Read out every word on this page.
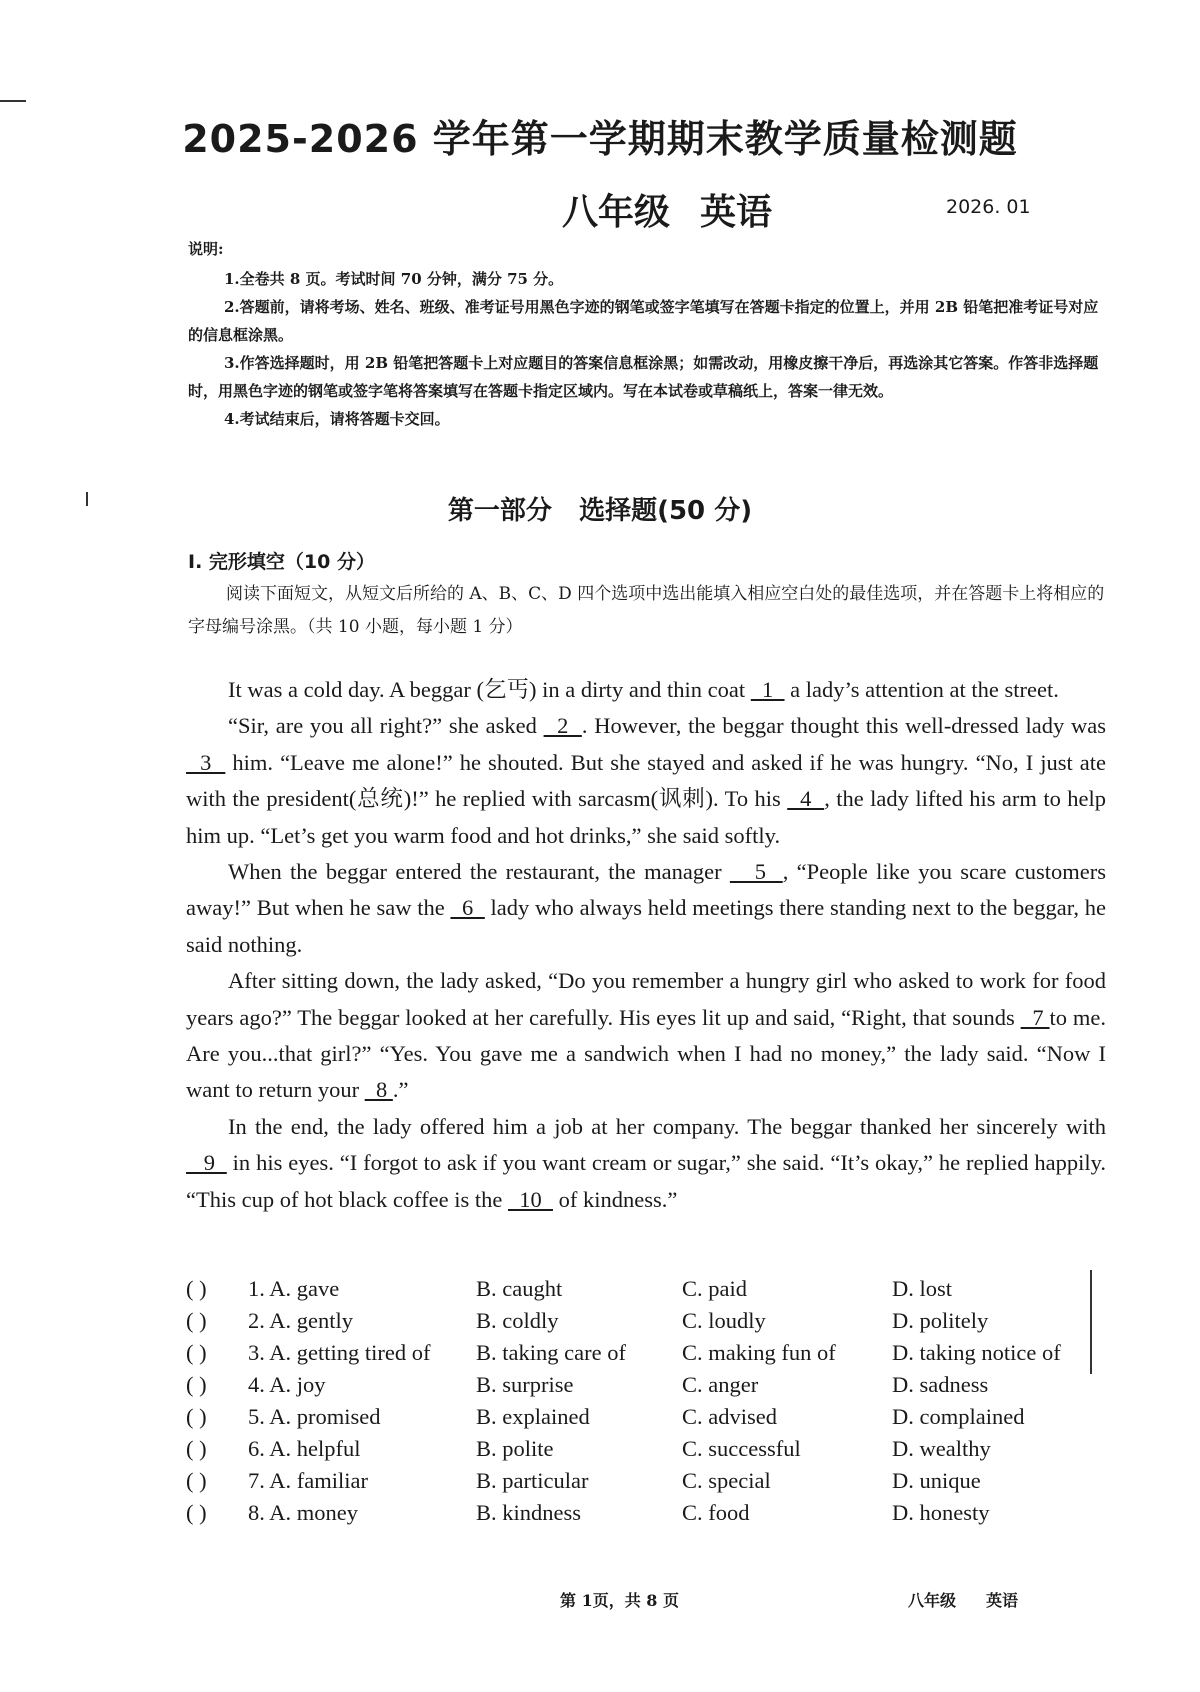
2025-2026 学年第一学期期末教学质量检测题
八年级 英语	2026. 01
说明:

1.全卷共 8 页。考试时间 70 分钟，满分 75 分。

2.答题前，请将考场、姓名、班级、准考证号用黑色字迹的钢笔或签字笔填写在答题卡指定的位置上，并用 2B 铅笔把准考证号对应的信息框涂黑。

3.作答选择题时，用 2B 铅笔把答题卡上对应题目的答案信息框涂黑；如需改动，用橡皮擦干净后，再选涂其它答案。作答非选择题时，用黑色字迹的钢笔或签字笔将答案填写在答题卡指定区域内。写在本试卷或草稿纸上，答案一律无效。

4.考试结束后，请将答题卡交回。

第一部分   选择题(50 分)
I. 完形填空（10 分）
阅读下面短文，从短文后所给的 A、B、C、D 四个选项中选出能填入相应空白处的最佳选项，并在答题卡上将相应的字母编号涂黑。（共 10 小题，每小题 1 分）

It was a cold day. A beggar (乞丐) in a dirty and thin coat   1   a lady’s attention at the street.

“Sir, are you all right?” she asked   2  . However, the beggar thought this well-dressed lady was   3   him. “Leave me alone!” he shouted. But she stayed and asked if he was hungry. “No, I just ate with the president(总统)!” he replied with sarcasm(讽刺). To his   4  , the lady lifted his arm to help him up. “Let’s get you warm food and hot drinks,” she said softly.

When the beggar entered the restaurant, the manager    5  , “People like you scare customers away!” But when he saw the   6   lady who always held meetings there standing next to the beggar, he said nothing.

After sitting down, the lady asked, “Do you remember a hungry girl who asked to work for food years ago?” The beggar looked at her carefully. His eyes lit up and said, “Right, that sounds   7 to me. Are you...that girl?” “Yes. You gave me a sandwich when I had no money,” the lady said. “Now I want to return your   8 .”

In the end, the lady offered him a job at her company. The beggar thanked her sincerely with    9   in his eyes. “I forgot to ask if you want cream or sugar,” she said. “It’s okay,” he replied happily. “This cup of hot black coffee is the   10   of kindness.”

( ) 1. A. gave	B. caught	C. paid	D. lost
( ) 2. A. gently	B. coldly	C. loudly	D. politely
( ) 3. A. getting tired of B. taking care of C. making fun of	D. taking notice of
( ) 4. A. joy	B. surprise	C. anger	D. sadness
( ) 5. A. promised	B. explained	C. advised	D. complained
( ) 6. A. helpful	B. polite	C. successful	D. wealthy
( ) 7. A. familiar	B. particular	C. special	D. unique
( ) 8. A. money	B. kindness	C. food	D. honesty
第 1页，共 8 页	八年级 英语
